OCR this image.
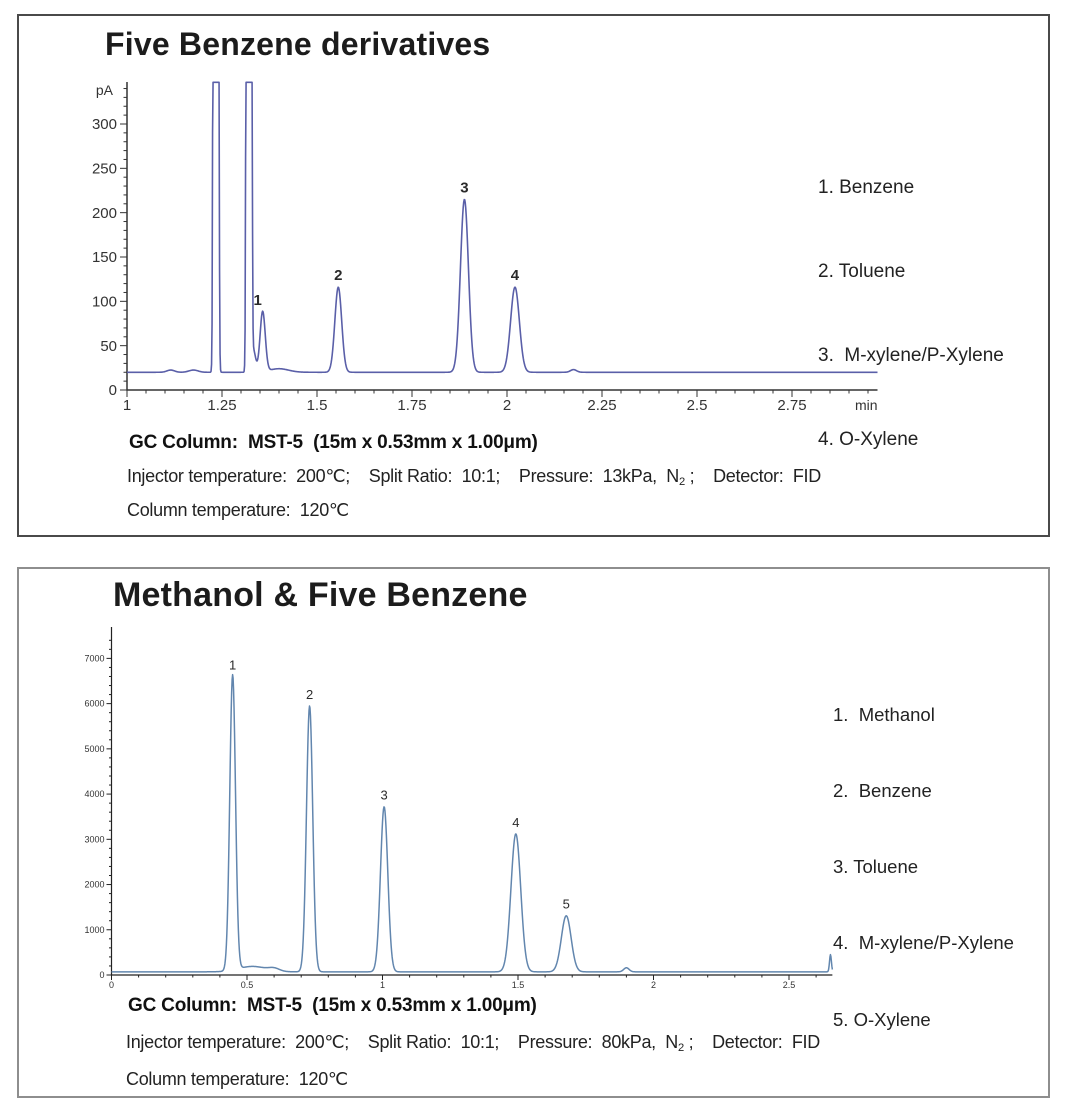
Five Benzene derivatives
1	1.25	1.5	1.75	2	2.25	2.5	2.75
0
50
100
150
200
250
300
pA
min
1
2
3
4

1. Benzene

2. Toluene

3.  M-xylene/P-Xylene

4. O-Xylene

GC Column:  MST-5  (15m x 0.53mm x 1.00μm)
Injector temperature:  200℃;    Split Ratio:  10:1;    Pressure:  13kPa,  $N_2$ ;    Detector:  FID
Column temperature:  120℃
Methanol & Five Benzene
0	0.5	1	1.5	2	2.5
0
1000
2000
3000
4000
5000
6000
7000	1
2
3
4
5

1.  Methanol

2.  Benzene

3. Toluene

4.  M-xylene/P-Xylene

5. O-Xylene

GC Column:  MST-5  (15m x 0.53mm x 1.00μm)
Injector temperature:  200℃;    Split Ratio:  10:1;    Pressure:  80kPa,  $N_2$ ;    Detector:  FID
Column temperature:  120℃
